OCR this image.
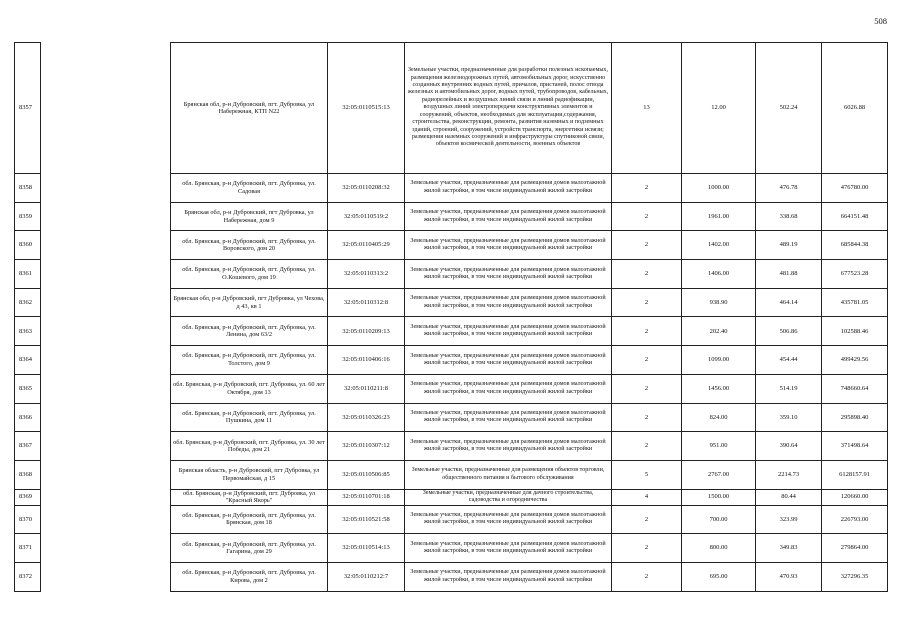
508
8357		Брянская обл, р-н Дубровский, пгт. Дубровка, ул Набережная, КТП N22	32:05:0110515:13	Земельные участки, предназначенные для разработки полезных ископаемых, размещения железнодорожных путей, автомобильных дорог, искусственно созданных внутренних водных путей, причалов, пристаней, полос отвода железных и автомобильных дорог, водных путей, трубопроводов, кабельных, радиорелейных и воздушных линий связи и линий радиофикации, воздушных линий электропередачи конструктивных элементов и сооружений, объектов, необходимых для эксплуатации,содержания, строительства, реконструкции, ремонта, развития наземных и подземных зданий, строений, сооружений, устройств транспорта, энергетики исвязи; размещения наземных сооружений и инфраструктуры спутниковой связи, объектов космической деятельности, военных объектов	13	12.00	502.24	6026.88
8358		обл. Брянская, р-н Дубровский, пгт. Дубровка, ул. Садовая	32:05:0110208:32	Земельные участки, предназначенные для размещения домов малоэтажной жилой застройки, в том числе индивидуальной жилой застройки	2	1000.00	476.78	476780.00
8359		Брянская обл, р-н Дубровский, пгт Дубровка, ул Набережная, дом 9	32:05:0110519:2	Земельные участки, предназначенные для размещения домов малоэтажной жилой застройки, в том числе индивидуальной жилой застройки	2	1961.00	338.68	664151.48
8360		обл. Брянская, р-н Дубровский, пгт. Дубровка, ул. Воровского, дом 20	32:05:0110405:29	Земельные участки, предназначенные для размещения домов малоэтажной жилой застройки, в том числе индивидуальной жилой застройки	2	1402.00	489.19	685844.38
8361		обл. Брянская, р-н Дубровский, пгт. Дубровка, ул. О.Кошевого, дом 19	32:05:0110313:2	Земельные участки, предназначенные для размещения домов малоэтажной жилой застройки, в том числе индивидуальной жилой застройки	2	1406.00	481.88	677523.28
8362		Брянская обл, р-н Дубровский, пгт Дубровка, ул Чехова, д 43, кв 1	32:05:0110312:8	Земельные участки, предназначенные для размещения домов малоэтажной жилой застройки, в том числе индивидуальной жилой застройки	2	938.90	464.14	435781.05
8363		обл. Брянская, р-н Дубровский, пгт. Дубровка, ул. Ленина, дом 63/2	32:05:0110209:13	Земельные участки, предназначенные для размещения домов малоэтажной жилой застройки, в том числе индивидуальной жилой застройки	2	202.40	506.86	102588.46
8364		обл. Брянская, р-н Дубровский, пгт. Дубровка, ул. Толстого, дом 9	32:05:0110406:16	Земельные участки, предназначенные для размещения домов малоэтажной жилой застройки, в том числе индивидуальной жилой застройки	2	1099.00	454.44	499429.56
8365		обл. Брянская, р-н Дубровский, пгт. Дубровка, ул. 60 лет Октября, дом 13	32:05:0110211:8	Земельные участки, предназначенные для размещения домов малоэтажной жилой застройки, в том числе индивидуальной жилой застройки	2	1456.00	514.19	748660.64
8366		обл. Брянская, р-н Дубровский, пгт. Дубровка, ул. Пушкина, дом 11	32:05:0110326:23	Земельные участки, предназначенные для размещения домов малоэтажной жилой застройки, в том числе индивидуальной жилой застройки	2	824.00	359.10	295898.40
8367		обл. Брянская, р-н Дубровский, пгт. Дубровка, ул. 30 лет Победы, дом 21	32:05:0110307:12	Земельные участки, предназначенные для размещения домов малоэтажной жилой застройки, в том числе индивидуальной жилой застройки	2	951.00	390.64	371498.64
8368		Брянская область, р-н Дубровский, пгт Дубровка, ул Первомайская, д 15	32:05:0110506:85	Земельные участки, предназначенные для размещения объектов торговли, общественного питания и бытового обслуживания	5	2767.00	2214.73	6128157.91
8369		обл. Брянская, р-н Дубровский, пгт. Дубровка, ул "Красный Якорь"	32:05:0110701:18	Земельные участки, предназначенные для дачного строительства, садоводства и огородничества	4	1500.00	80.44	120660.00
8370		обл. Брянская, р-н Дубровский, пгт. Дубровка, ул. Брянская, дом 18	32:05:0110521:58	Земельные участки, предназначенные для размещения домов малоэтажной жилой застройки, в том числе индивидуальной жилой застройки	2	700.00	323.99	226793.00
8371		обл. Брянская, р-н Дубровский, пгт. Дубровка, ул. Гагарина, дом 29	32:05:0110514:13	Земельные участки, предназначенные для размещения домов малоэтажной жилой застройки, в том числе индивидуальной жилой застройки	2	800.00	349.83	279864.00
8372		обл. Брянская, р-н Дубровский, пгт. Дубровка, ул. Кирова, дом 2	32:05:0110212:7	Земельные участки, предназначенные для размещения домов малоэтажной жилой застройки, в том числе индивидуальной жилой застройки	2	695.00	470.93	327296.35
